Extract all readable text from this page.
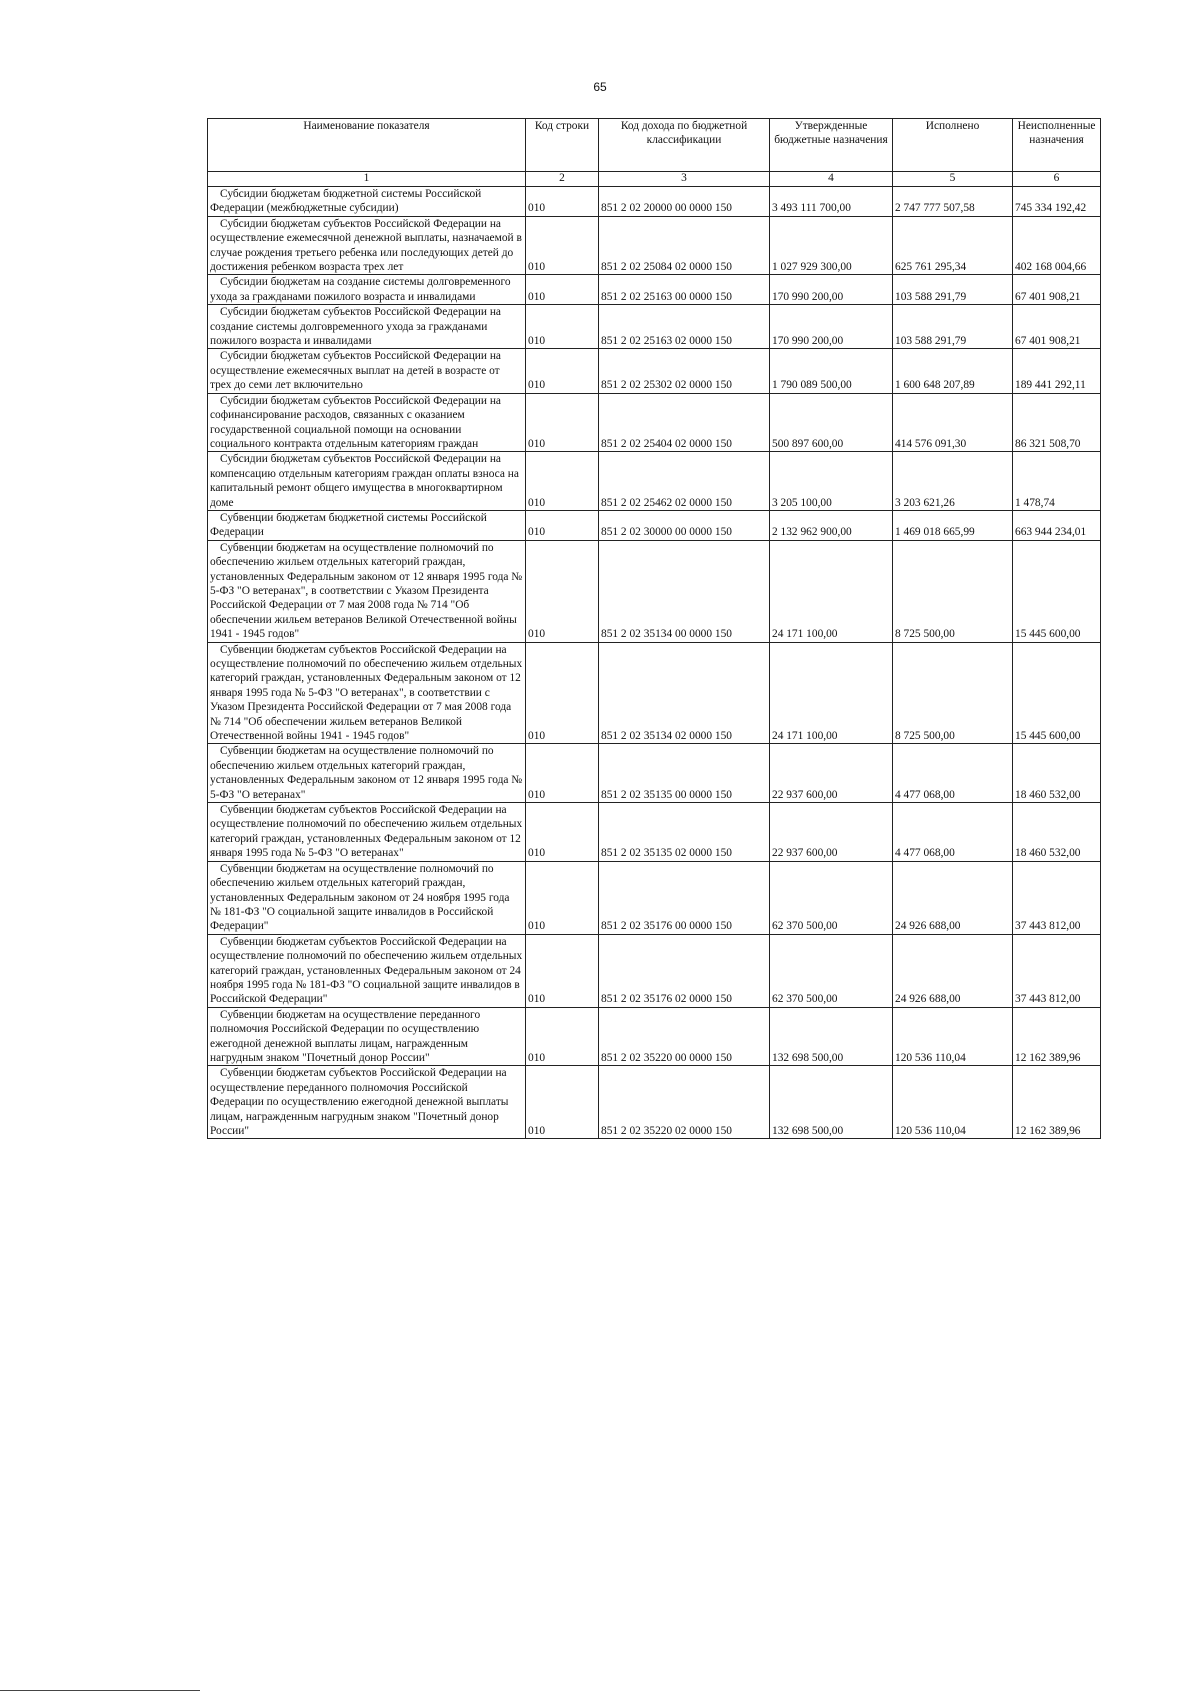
65
Наименование показателя	Код строки	Код дохода по бюджетной классификации	Утвержденные бюджетные назначения	Исполнено	Неисполненные назначения
1	2	3	4	5	6
Субсидии бюджетам бюджетной системы Российской Федерации (межбюджетные субсидии)	010	851 2 02 20000 00 0000 150	3 493 111 700,00	2 747 777 507,58	745 334 192,42
Субсидии бюджетам субъектов Российской Федерации на осуществление ежемесячной денежной выплаты, назначаемой в случае рождения третьего ребенка или последующих детей до достижения ребенком возраста трех лет	010	851 2 02 25084 02 0000 150	1 027 929 300,00	625 761 295,34	402 168 004,66
Субсидии бюджетам на создание системы долговременного ухода за гражданами пожилого возраста и инвалидами	010	851 2 02 25163 00 0000 150	170 990 200,00	103 588 291,79	67 401 908,21
Субсидии бюджетам субъектов Российской Федерации на создание системы долговременного ухода за гражданами пожилого возраста и инвалидами	010	851 2 02 25163 02 0000 150	170 990 200,00	103 588 291,79	67 401 908,21
Субсидии бюджетам субъектов Российской Федерации на осуществление ежемесячных выплат на детей в возрасте от трех до семи лет включительно	010	851 2 02 25302 02 0000 150	1 790 089 500,00	1 600 648 207,89	189 441 292,11
Субсидии бюджетам субъектов Российской Федерации на софинансирование расходов, связанных с оказанием государственной социальной помощи на основании социального контракта отдельным категориям граждан	010	851 2 02 25404 02 0000 150	500 897 600,00	414 576 091,30	86 321 508,70
Субсидии бюджетам субъектов Российской Федерации на компенсацию отдельным категориям граждан оплаты взноса на капитальный ремонт общего имущества в многоквартирном доме	010	851 2 02 25462 02 0000 150	3 205 100,00	3 203 621,26	1 478,74
Субвенции бюджетам бюджетной системы Российской Федерации	010	851 2 02 30000 00 0000 150	2 132 962 900,00	1 469 018 665,99	663 944 234,01
Субвенции бюджетам на осуществление полномочий по обеспечению жильем отдельных категорий граждан, установленных Федеральным законом от 12 января 1995 года № 5-ФЗ "О ветеранах", в соответствии с Указом Президента Российской Федерации от 7 мая 2008 года № 714 "Об обеспечении жильем ветеранов Великой Отечественной войны 1941 - 1945 годов"	010	851 2 02 35134 00 0000 150	24 171 100,00	8 725 500,00	15 445 600,00
Субвенции бюджетам субъектов Российской Федерации на осуществление полномочий по обеспечению жильем отдельных категорий граждан, установленных Федеральным законом от 12 января 1995 года № 5-ФЗ "О ветеранах", в соответствии с Указом Президента Российской Федерации от 7 мая 2008 года № 714 "Об обеспечении жильем ветеранов Великой Отечественной войны 1941 - 1945 годов"	010	851 2 02 35134 02 0000 150	24 171 100,00	8 725 500,00	15 445 600,00
Субвенции бюджетам на осуществление полномочий по обеспечению жильем отдельных категорий граждан, установленных Федеральным законом от 12 января 1995 года № 5-ФЗ "О ветеранах"	010	851 2 02 35135 00 0000 150	22 937 600,00	4 477 068,00	18 460 532,00
Субвенции бюджетам субъектов Российской Федерации на осуществление полномочий по обеспечению жильем отдельных категорий граждан, установленных Федеральным законом от 12 января 1995 года № 5-ФЗ "О ветеранах"	010	851 2 02 35135 02 0000 150	22 937 600,00	4 477 068,00	18 460 532,00
Субвенции бюджетам на осуществление полномочий по обеспечению жильем отдельных категорий граждан, установленных Федеральным законом от 24 ноября 1995 года № 181-ФЗ "О социальной защите инвалидов в Российской Федерации"	010	851 2 02 35176 00 0000 150	62 370 500,00	24 926 688,00	37 443 812,00
Субвенции бюджетам субъектов Российской Федерации на осуществление полномочий по обеспечению жильем отдельных категорий граждан, установленных Федеральным законом от 24 ноября 1995 года № 181-ФЗ "О социальной защите инвалидов в Российской Федерации"	010	851 2 02 35176 02 0000 150	62 370 500,00	24 926 688,00	37 443 812,00
Субвенции бюджетам на осуществление переданного полномочия Российской Федерации по осуществлению ежегодной денежной выплаты лицам, награжденным нагрудным знаком "Почетный донор России"	010	851 2 02 35220 00 0000 150	132 698 500,00	120 536 110,04	12 162 389,96
Субвенции бюджетам субъектов Российской Федерации на осуществление переданного полномочия Российской Федерации по осуществлению ежегодной денежной выплаты лицам, награжденным нагрудным знаком "Почетный донор России"	010	851 2 02 35220 02 0000 150	132 698 500,00	120 536 110,04	12 162 389,96
